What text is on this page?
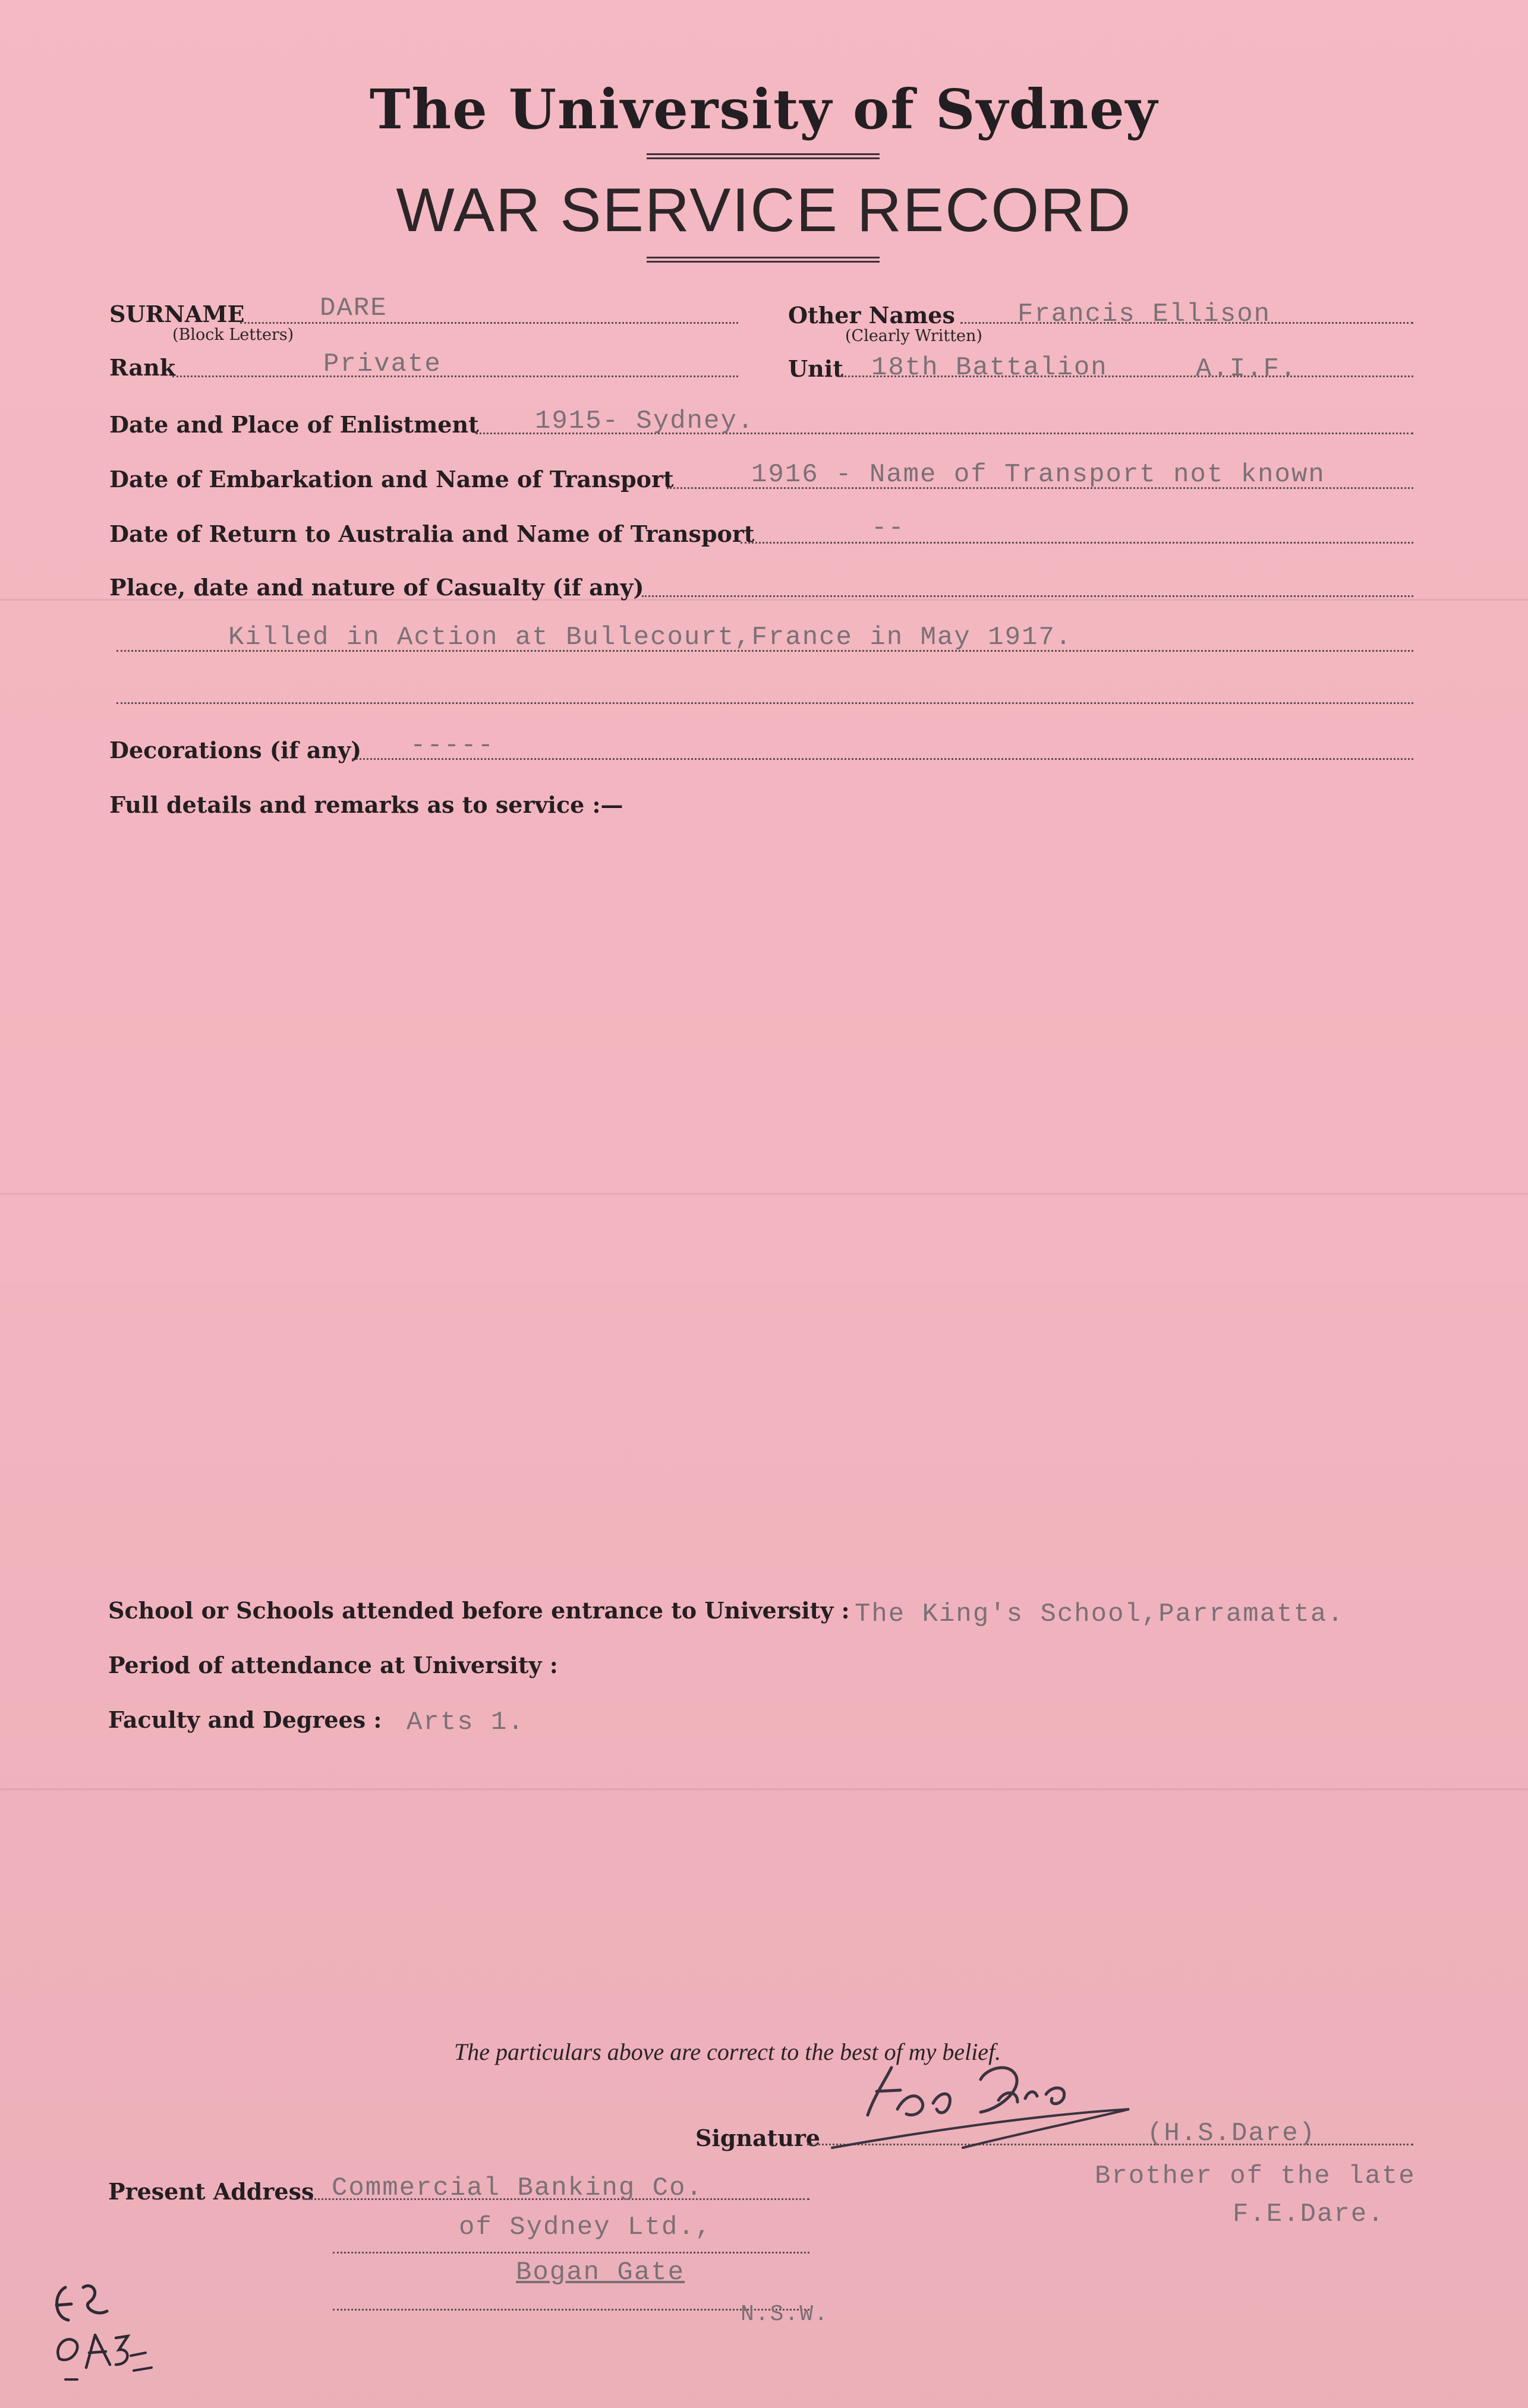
The University of Sydney
WAR SERVICE RECORD
SURNAME	DARE
(Block Letters)
Other Names Francis Ellison
(Clearly Written)
Rank	Private	Unit 18th Battalion	A.I.F.
Date and Place of Enlistment 1915- Sydney.
Date of Embarkation and Name of Transport	1916 - Name of Transport not known
Date of Return to Australia and Name of Transport	--
Place, date and nature of Casualty (if any)
Killed in Action at Bullecourt,France in May 1917.
Decorations (if any) -----
Full details and remarks as to service :—
School or Schools attended before entrance to University : The King's School,Parramatta.
Period of attendance at University :
Faculty and Degrees : Arts 1.
The particulars above are correct to the best of my belief.
Signature	(H.S.Dare)
Brother of the late
F.E.Dare.
Present Address Commercial Banking Co.
of Sydney Ltd.,
Bogan Gate
N.S.W.
